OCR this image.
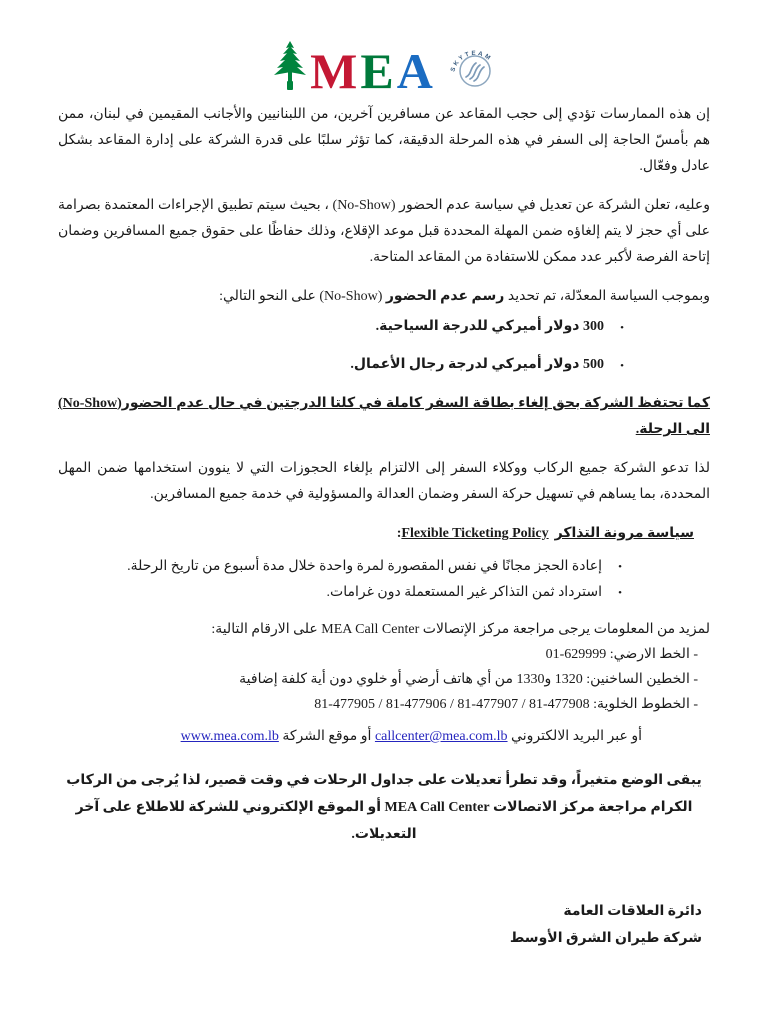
M E A SKYTEAM

إن هذه الممارسات تؤدي إلى حجب المقاعد عن مسافرين آخرين، من اللبنانيين والأجانب المقيمين في لبنان، ممن هم بأمسّ الحاجة إلى السفر في هذه المرحلة الدقيقة، كما تؤثر سلبًا على قدرة الشركة على إدارة المقاعد بشكل عادل وفعّال.

وعليه، تعلن الشركة عن تعديل في سياسة عدم الحضور (No-Show) ، بحيث سيتم تطبيق الإجراءات المعتمدة بصرامة على أي حجز لا يتم إلغاؤه ضمن المهلة المحددة قبل موعد الإقلاع، وذلك حفاظًا على حقوق جميع المسافرين وضمان إتاحة الفرصة لأكبر عدد ممكن للاستفادة من المقاعد المتاحة.

وبموجب السياسة المعدّلة، تم تحديد رسم عدم الحضور (No-Show) على النحو التالي:

•
300 دولار أميركي للدرجة السياحية.
•
500 دولار أميركي لدرجة رجال الأعمال.

كما تحتفظ الشركة بحق إلغاء بطاقة السفر كاملة في كلتا الدرجتين في حال عدم الحضور(No-Show) الى الرحلة.

لذا تدعو الشركة جميع الركاب ووكلاء السفر إلى الالتزام بإلغاء الحجوزات التي لا ينوون استخدامها ضمن المهل المحددة، بما يساهم في تسهيل حركة السفر وضمان العدالة والمسؤولية في خدمة جميع المسافرين.

سياسة مرونة التذاكرFlexible Ticketing Policy:

•
إعادة الحجز مجانًا في نفس المقصورة لمرة واحدة خلال مدة أسبوع من تاريخ الرحلة.
•
استرداد ثمن التذاكر غير المستعملة دون غرامات.

لمزيد من المعلومات يرجى مراجعة مركز الإتصالات MEA Call Center على الارقام التالية:

- الخط الارضي: 01-629999

- الخطين الساخنين: 1320 و1330 من أي هاتف أرضي أو خلوي دون أية كلفة إضافية

- الخطوط الخلوية: 81-477905 / 81-477906 / 81-477907 / 81-477908

أو عبر البريد الالكتروني callcenter@mea.com.lb أو موقع الشركة www.mea.com.lb

يبقى الوضع متغيراً، وقد تطرأ تعديلات على جداول الرحلات في وقت قصير، لذا يُرجى من الركاب الكرام مراجعة مركز الاتصالات MEA Call Center أو الموقع الإلكتروني للشركة للاطلاع على آخر التعديلات.

دائرة العلاقات العامة
شركة طيران الشرق الأوسط
